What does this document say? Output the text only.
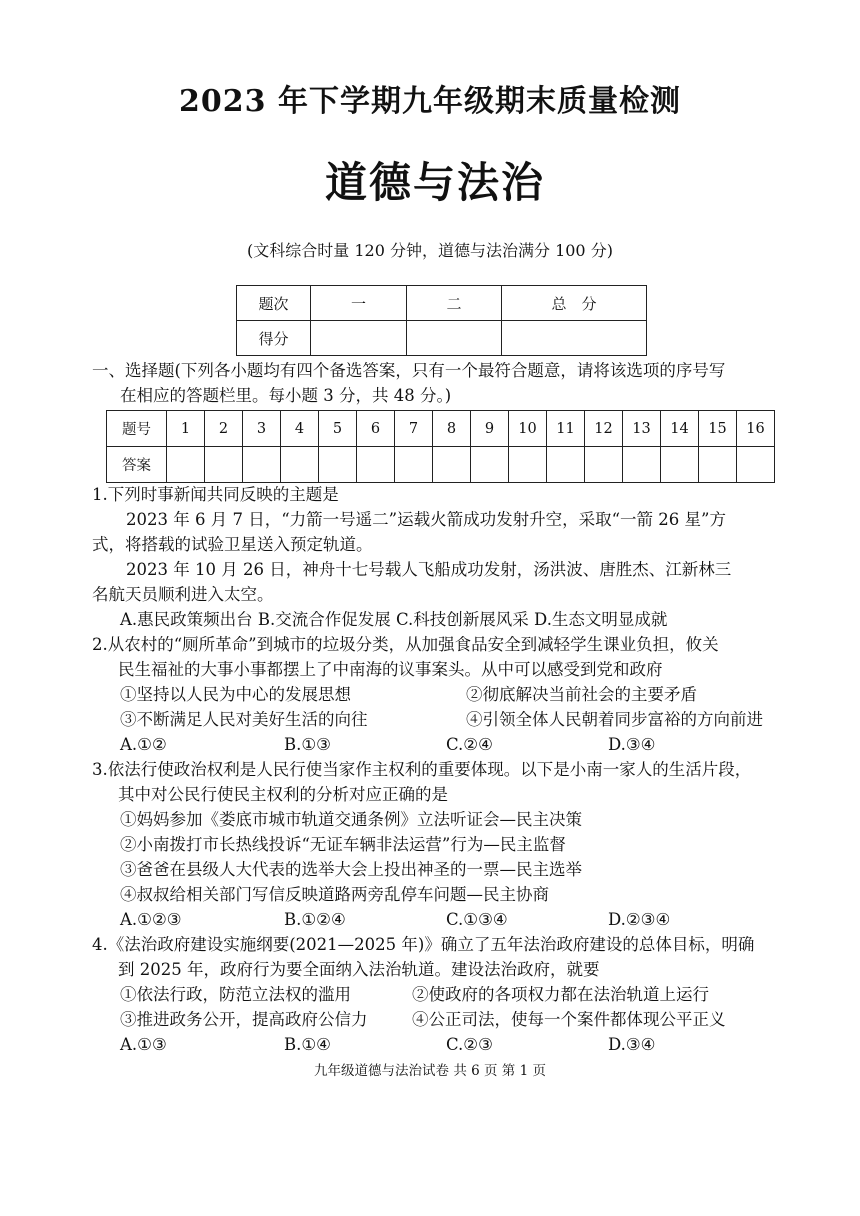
2023 年下学期九年级期末质量检测
道德与法治
(文科综合时量 120 分钟，道德与法治满分 100 分)
题次	一	二	总　分
得分			
一、选择题(下列各小题均有四个备选答案，只有一个最符合题意，请将该选项的序号写
在相应的答题栏里。每小题 3 分，共 48 分。)
题号	1	2	3	4	5	6	7	8	9	10	11	12	13	14	15	16
答案																
1.下列时事新闻共同反映的主题是
2023 年 6 月 7 日，“力箭一号遥二”运载火箭成功发射升空，采取“一箭 26 星”方
式，将搭载的试验卫星送入预定轨道。
2023 年 10 月 26 日，神舟十七号载人飞船成功发射，汤洪波、唐胜杰、江新林三
名航天员顺利进入太空。
A.惠民政策频出台 B.交流合作促发展 C.科技创新展风采 D.生态文明显成就
2.从农村的“厕所革命”到城市的垃圾分类，从加强食品安全到减轻学生课业负担，攸关
民生福祉的大事小事都摆上了中南海的议事案头。从中可以感受到党和政府
①坚持以人民为中心的发展思想	②彻底解决当前社会的主要矛盾
③不断满足人民对美好生活的向往	④引领全体人民朝着同步富裕的方向前进
A.①②	B.①③	C.②④	D.③④
3.依法行使政治权利是人民行使当家作主权利的重要体现。以下是小南一家人的生活片段，
其中对公民行使民主权利的分析对应正确的是
①妈妈参加《娄底市城市轨道交通条例》立法听证会—民主决策
②小南拨打市长热线投诉“无证车辆非法运营”行为—民主监督
③爸爸在县级人大代表的选举大会上投出神圣的一票—民主选举
④叔叔给相关部门写信反映道路两旁乱停车问题—民主协商
A.①②③	B.①②④	C.①③④	D.②③④
4.《法治政府建设实施纲要(2021—2025 年)》确立了五年法治政府建设的总体目标，明确
到 2025 年，政府行为要全面纳入法治轨道。建设法治政府，就要
①依法行政，防范立法权的滥用	②使政府的各项权力都在法治轨道上运行
③推进政务公开，提高政府公信力	④公正司法，使每一个案件都体现公平正义
A.①③	B.①④	C.②③	D.③④
九年级道德与法治试卷 共 6 页 第 1 页
